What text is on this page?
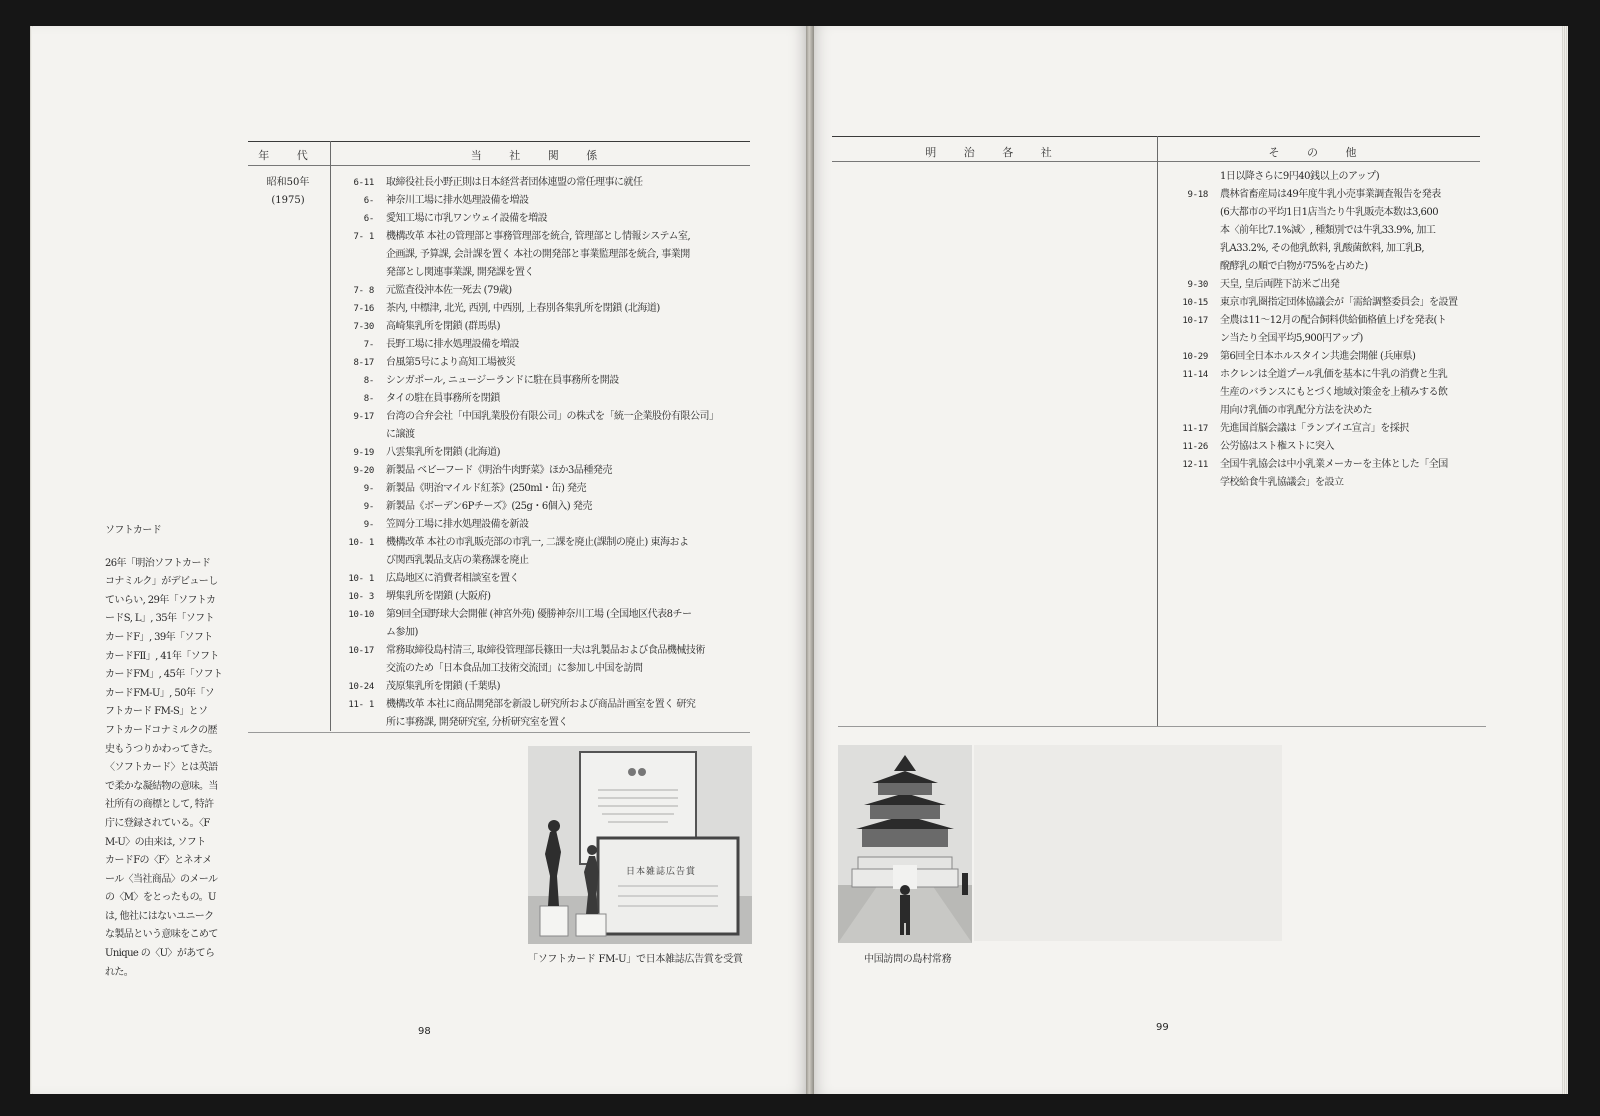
年 代	当 社 関 係
昭和50年
(1975)
6-11	取締役社長小野正則は日本経営者団体連盟の常任理事に就任
6-	神奈川工場に排水処理設備を増設
6-	愛知工場に市乳ワンウェイ設備を増設
7- 1	機構改革 本社の管理部と事務管理部を統合, 管理部とし情報システム室,
企画課, 予算課, 会計課を置く 本社の開発部と事業監理部を統合, 事業開
発部とし関連事業課, 開発課を置く
7- 8	元監査役沖本佐一死去 (79歳)
7-16	茶内, 中標津, 北光, 西別, 中西別, 上春別各集乳所を閉鎖 (北海道)
7-30	高崎集乳所を閉鎖 (群馬県)
7-	長野工場に排水処理設備を増設
8-17	台風第5号により高知工場被災
8-	シンガポール, ニュージーランドに駐在員事務所を開設
8-	タイの駐在員事務所を閉鎖
9-17	台湾の合弁会社「中国乳業股份有限公司」の株式を「統一企業股份有限公司」
に譲渡
9-19	八雲集乳所を閉鎖 (北海道)
9-20	新製品 ベビーフード《明治牛肉野菜》ほか3品種発売
9-	新製品《明治マイルド紅茶》(250ml・缶) 発売
9-	新製品《ボーデン6Pチーズ》(25g・6個入) 発売
9-	笠岡分工場に排水処理設備を新設
10- 1	機構改革 本社の市乳販売部の市乳一, 二課を廃止(課制の廃止) 東海およ
び関西乳製品支店の業務課を廃止
10- 1	広島地区に消費者相談室を置く
10- 3	堺集乳所を閉鎖 (大阪府)
10-10	第9回全国野球大会開催 (神宮外苑) 優勝神奈川工場 (全国地区代表8チー
ム参加)
10-17	常務取締役島村清三, 取締役管理部長篠田一夫は乳製品および食品機械技術
交流のため「日本食品加工技術交流団」に参加し中国を訪問
10-24	茂原集乳所を閉鎖 (千葉県)
11- 1	機構改革 本社に商品開発部を新設し研究所および商品計画室を置く 研究
所に事務課, 開発研究室, 分析研究室を置く

ソフトカード

26年「明治ソフトカード

コナミルク」がデビューし

ていらい, 29年「ソフトカ

ードS, L」, 35年「ソフト

カードF」, 39年「ソフト

カードFⅡ」, 41年「ソフト

カードFM」, 45年「ソフト

カードFM-U」, 50年「ソ

フトカード FM-S」とソ

フトカードコナミルクの歴

史もうつりかわってきた。

〈ソフトカード〉とは英語

で柔かな凝結物の意味。当

社所有の商標として, 特許

庁に登録されている。〈F

M-U〉の由来は, ソフト

カードFの〈F〉とネオメ

ール〈当社商品〉のメール

の〈M〉をとったもの。U

は, 他社にはないユニーク

な製品という意味をこめて

Unique の〈U〉があてら

れた。

日本雑誌広告賞
「ソフトカード FM-U」で日本雑誌広告賞を受賞
98
明 治 各 社	そ の 他
1日以降さらに9円40銭以上のアップ)
9-18	農林省畜産局は49年度牛乳小売事業調査報告を発表
(6大都市の平均1日1店当たり牛乳販売本数は3,600
本〈前年比7.1%減〉, 種類別では牛乳33.9%, 加工
乳A33.2%, その他乳飲料, 乳酸菌飲料, 加工乳B,
醗酵乳の順で白物が75%を占めた)
9-30	天皇, 皇后両陛下訪米ご出発
10-15	東京市乳圏指定団体協議会が「需給調整委員会」を設置
10-17	全農は11〜12月の配合飼料供給価格値上げを発表(ト
ン当たり全国平均5,900円アップ)
10-29	第6回全日本ホルスタイン共進会開催 (兵庫県)
11-14	ホクレンは全道プール乳価を基本に牛乳の消費と生乳
生産のバランスにもとづく地域対策金を上積みする飲
用向け乳価の市乳配分方法を決めた
11-17	先進国首脳会議は「ランブイエ宣言」を採択
11-26	公労協はスト権ストに突入
12-11	全国牛乳協会は中小乳業メーカーを主体とした「全国
学校給食牛乳協議会」を設立
中国訪問の島村常務
99
